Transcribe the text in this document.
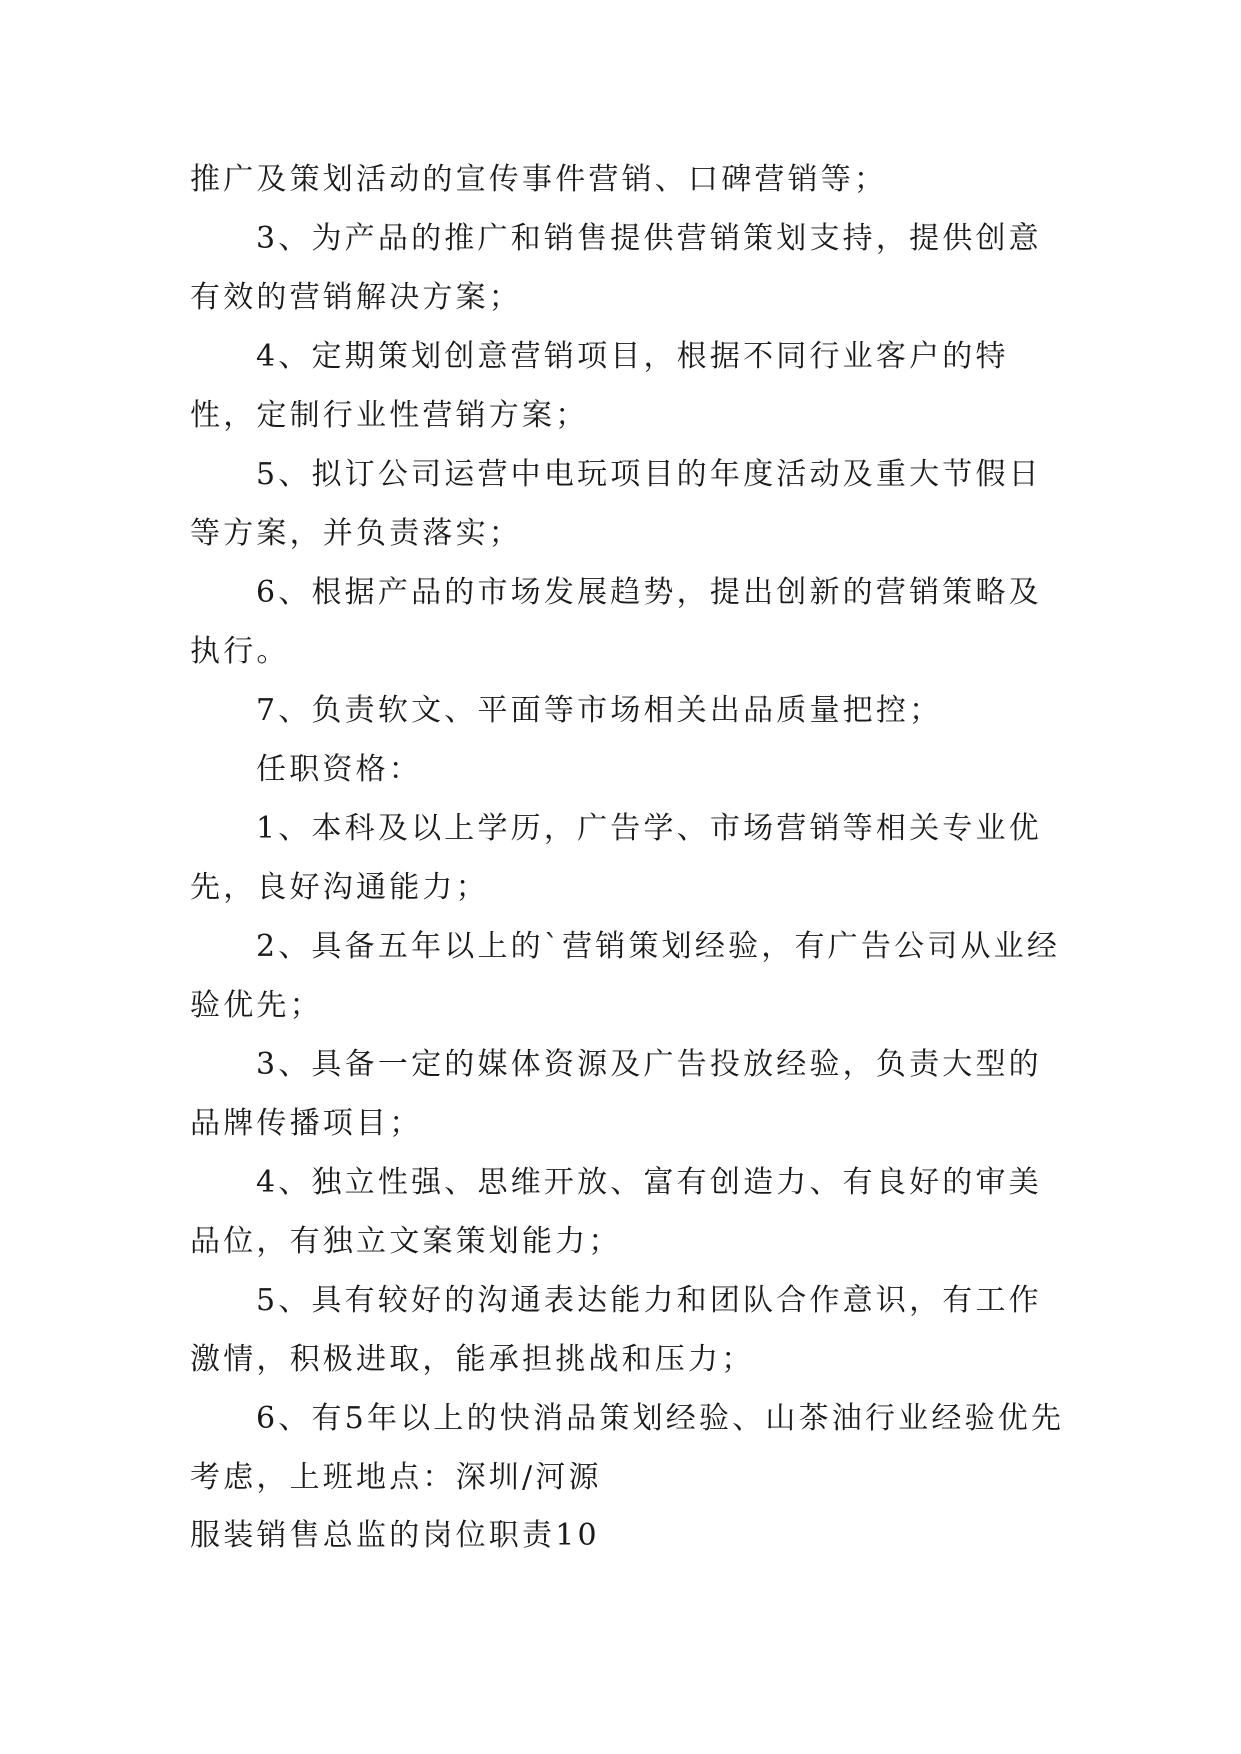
推广及策划活动的宣传事件营销、口碑营销等；

3、为产品的推广和销售提供营销策划支持，提供创意有效的营销解决方案；

4、定期策划创意营销项目，根据不同行业客户的特性，定制行业性营销方案；

5、拟订公司运营中电玩项目的年度活动及重大节假日等方案，并负责落实；

6、根据产品的市场发展趋势，提出创新的营销策略及执行。

7、负责软文、平面等市场相关出品质量把控；

任职资格：

1、本科及以上学历，广告学、市场营销等相关专业优先，良好沟通能力；

2、具备五年以上的`营销策划经验，有广告公司从业经验优先；

3、具备一定的媒体资源及广告投放经验，负责大型的品牌传播项目；

4、独立性强、思维开放、富有创造力、有良好的审美品位，有独立文案策划能力；

5、具有较好的沟通表达能力和团队合作意识，有工作激情，积极进取，能承担挑战和压力；

6、有5年以上的快消品策划经验、山茶油行业经验优先考虑，上班地点：深圳/河源

服装销售总监的岗位职责10
